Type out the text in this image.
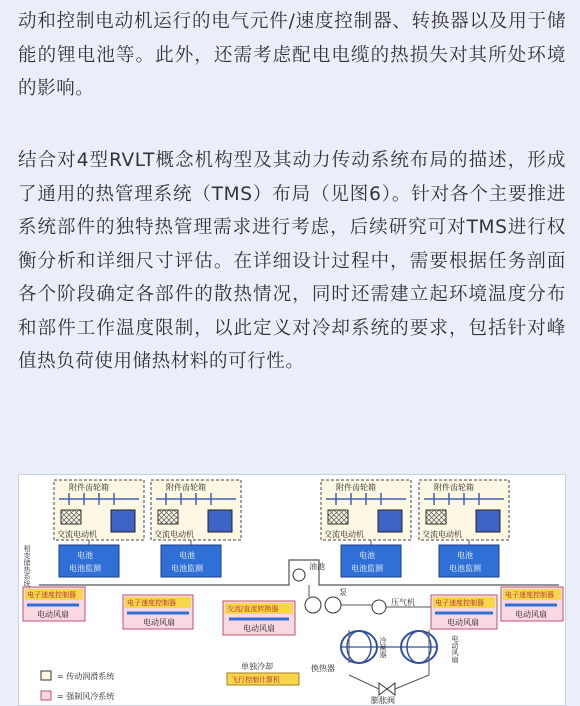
动和控制电动机运行的电气元件/速度控制器、转换器以及用于储能的锂电池等。此外，还需考虑配电电缆的热损失对其所处环境的影响。

结合对4型RVLT概念机构型及其动力传动系统布局的描述，形成了通用的热管理系统（TMS）布局（见图6）。针对各个主要推进系统部件的独特热管理需求进行考虑，后续研究可对TMS进行权衡分析和详细尺寸评估。在详细设计过程中，需要根据任务剖面各个阶段确定各部件的散热情况，同时还需建立起环境温度分布和部件工作温度限制，以此定义对冷却系统的要求，包括针对峰值热负荷使用储热材料的可行性。

附件齿轮箱
交流电动机
附件齿轮箱
交流电动机
附件齿轮箱
交流电动机
附件齿轮箱
交流电动机
相变储热系统	电池
电池监测
电池
电池监测
电池
电池监测
电池
电池监测
油池
电子速度控制器
电动风扇
电子速度控制器
电动风扇
交流/直流转换器
电动风扇
电子速度控制器
电动风扇
电子速度控制器
电动风扇
泵
压气机
冷凝器
换热器
膨胀阀
电动风扇
单独冷却
飞行控制计算机
= 传动润滑系统
= 强制风冷系统
